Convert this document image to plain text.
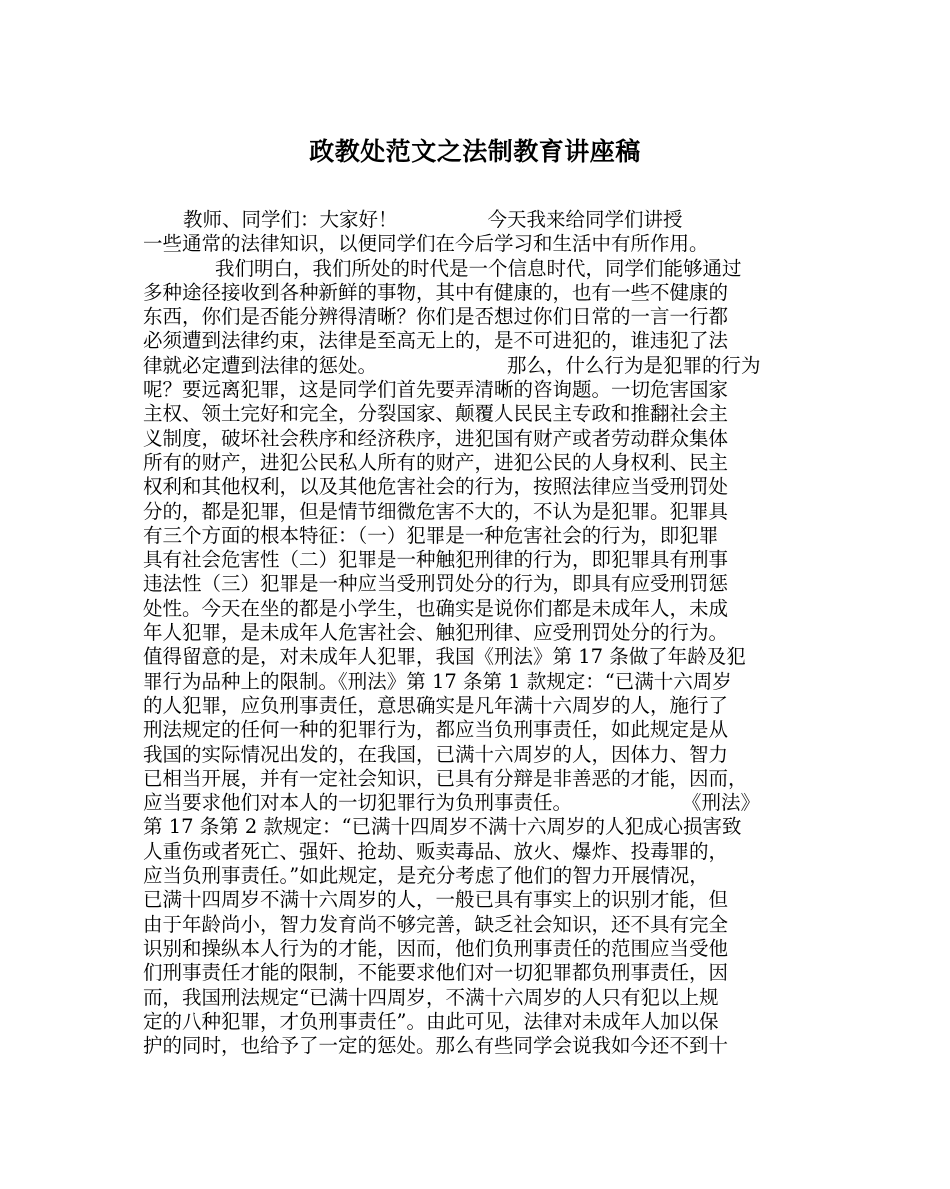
政教处范文之法制教育讲座稿
教师、同学们：大家好！	今天我来给同学们讲授
一些通常的法律知识，以便同学们在今后学习和生活中有所作用。
我们明白，我们所处的时代是一个信息时代，同学们能够通过
多种途径接收到各种新鲜的事物，其中有健康的，也有一些不健康的
东西，你们是否能分辨得清晰？你们是否想过你们日常的一言一行都
必须遭到法律约束，法律是至高无上的，是不可进犯的，谁违犯了法
律就必定遭到法律的惩处。	那么，什么行为是犯罪的行为
呢？要远离犯罪，这是同学们首先要弄清晰的咨询题。一切危害国家
主权、领土完好和完全，分裂国家、颠覆人民民主专政和推翻社会主
义制度，破坏社会秩序和经济秩序，进犯国有财产或者劳动群众集体
所有的财产，进犯公民私人所有的财产，进犯公民的人身权利、民主
权利和其他权利，以及其他危害社会的行为，按照法律应当受刑罚处
分的，都是犯罪，但是情节细微危害不大的，不认为是犯罪。犯罪具
有三个方面的根本特征：（一）犯罪是一种危害社会的行为，即犯罪
具有社会危害性（二）犯罪是一种触犯刑律的行为，即犯罪具有刑事
违法性（三）犯罪是一种应当受刑罚处分的行为，即具有应受刑罚惩
处性。今天在坐的都是小学生，也确实是说你们都是未成年人，未成
年人犯罪，是未成年人危害社会、触犯刑律、应受刑罚处分的行为。
值得留意的是，对未成年人犯罪，我国《刑法》第 17 条做了年龄及犯
罪行为品种上的限制。《刑法》第 17 条第 1 款规定：“已满十六周岁
的人犯罪，应负刑事责任，意思确实是凡年满十六周岁的人，施行了
刑法规定的任何一种的犯罪行为，都应当负刑事责任，如此规定是从
我国的实际情况出发的，在我国，已满十六周岁的人，因体力、智力
已相当开展，并有一定社会知识，已具有分辩是非善恶的才能，因而，
应当要求他们对本人的一切犯罪行为负刑事责任。	《刑法》
第 17 条第 2 款规定：“已满十四周岁不满十六周岁的人犯成心损害致
人重伤或者死亡、强奸、抢劫、贩卖毒品、放火、爆炸、投毒罪的，
应当负刑事责任。”如此规定，是充分考虑了他们的智力开展情况，
已满十四周岁不满十六周岁的人，一般已具有事实上的识别才能，但
由于年龄尚小，智力发育尚不够完善，缺乏社会知识，还不具有完全
识别和操纵本人行为的才能，因而，他们负刑事责任的范围应当受他
们刑事责任才能的限制，不能要求他们对一切犯罪都负刑事责任，因
而，我国刑法规定“已满十四周岁，不满十六周岁的人只有犯以上规
定的八种犯罪，才负刑事责任”。由此可见，法律对未成年人加以保
护的同时，也给予了一定的惩处。那么有些同学会说我如今还不到十
